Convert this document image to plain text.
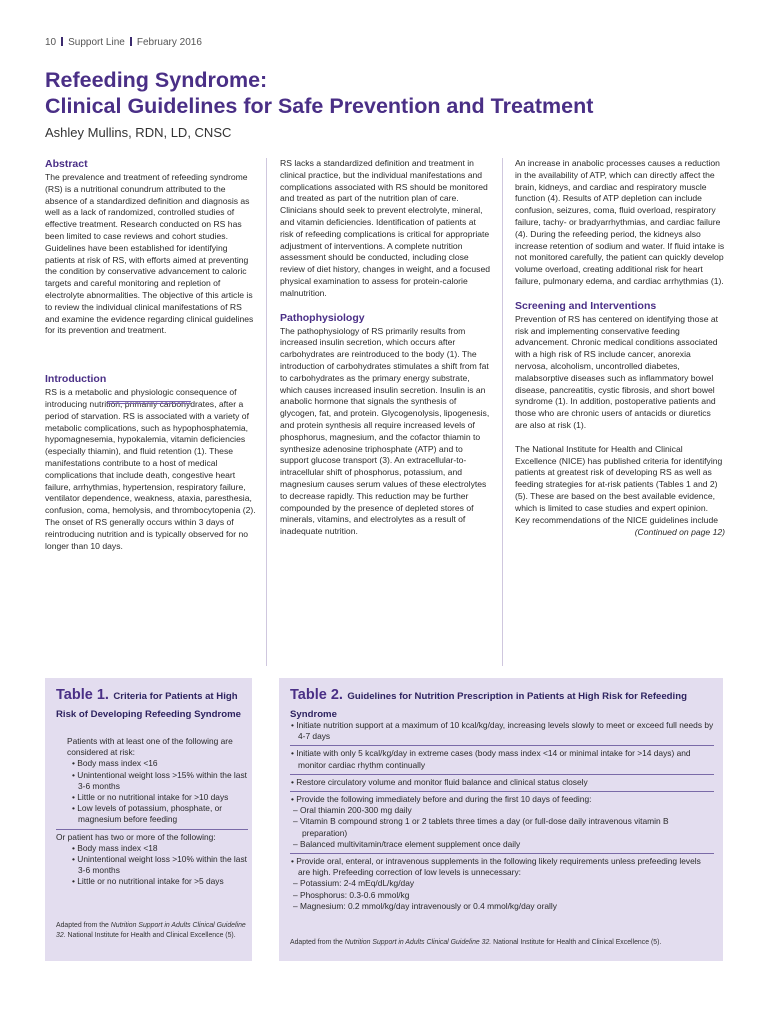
10 Support Line February 2016
Refeeding Syndrome:
Clinical Guidelines for Safe Prevention and Treatment
Ashley Mullins, RDN, LD, CNSC
Abstract

The prevalence and treatment of refeeding syndrome (RS) is a nutritional conundrum attributed to the absence of a standardized definition and diagnosis as well as a lack of randomized, controlled studies of effective treatment. Research conducted on RS has been limited to case reviews and cohort studies. Guidelines have been established for identifying patients at risk of RS, with efforts aimed at preventing the condition by conservative advancement to caloric targets and careful monitoring and repletion of electrolyte abnormalities. The objective of this article is to review the individual clinical manifestations of RS and examine the evidence regarding clinical guidelines for its prevention and treatment.

Introduction

RS is a metabolic and physiologic consequence of introducing nutrition, primarily carbohydrates, after a period of starvation. RS is associated with a variety of metabolic complications, such as hypophosphatemia, hypomagnesemia, hypokalemia, vitamin deficiencies (especially thiamin), and fluid retention (1). These manifestations contribute to a host of medical complications that include death, congestive heart failure, arrhythmias, hypertension, respiratory failure, ventilator dependence, weakness, ataxia, paresthesia, confusion, coma, hemolysis, and thrombocytopenia (2). The onset of RS generally occurs within 3 days of reintroducing nutrition and is typically observed for no longer than 10 days.

RS lacks a standardized definition and treatment in clinical practice, but the individual manifestations and complications associated with RS should be monitored and treated as part of the nutrition plan of care. Clinicians should seek to prevent electrolyte, mineral, and vitamin deficiencies. Identification of patients at risk of refeeding complications is critical for appropriate adjustment of interventions. A complete nutrition assessment should be conducted, including close review of diet history, changes in weight, and a focused physical examination to assess for protein-calorie malnutrition.

Pathophysiology

The pathophysiology of RS primarily results from increased insulin secretion, which occurs after carbohydrates are reintroduced to the body (1). The introduction of carbohydrates stimulates a shift from fat to carbohydrates as the primary energy substrate, which causes increased insulin secretion. Insulin is an anabolic hormone that signals the synthesis of glycogen, fat, and protein. Glycogenolysis, lipogenesis, and protein synthesis all require increased levels of phosphorus, magnesium, and the cofactor thiamin to synthesize adenosine triphosphate (ATP) and to support glucose transport (3). An extracellular-to-intracellular shift of phosphorus, potassium, and magnesium causes serum values of these electrolytes to decrease rapidly. This reduction may be further compounded by the presence of depleted stores of minerals, vitamins, and electrolytes as a result of inadequate nutrition.

An increase in anabolic processes causes a reduction in the availability of ATP, which can directly affect the brain, kidneys, and cardiac and respiratory muscle function (4). Results of ATP depletion can include confusion, seizures, coma, fluid overload, respiratory failure, tachy- or bradyarrhythmias, and cardiac failure (4). During the refeeding period, the kidneys also increase retention of sodium and water. If fluid intake is not monitored carefully, the patient can quickly develop volume overload, creating additional risk for heart failure, pulmonary edema, and cardiac arrhythmias (1).

Screening and Interventions

Prevention of RS has centered on identifying those at risk and implementing conservative feeding advancement. Chronic medical conditions associated with a high risk of RS include cancer, anorexia nervosa, alcoholism, uncontrolled diabetes, malabsorptive diseases such as inflammatory bowel disease, pancreatitis, cystic fibrosis, and short bowel syndrome (1). In addition, postoperative patients and those who are chronic users of antacids or diuretics are also at risk (1).

The National Institute for Health and Clinical Excellence (NICE) has published criteria for identifying patients at greatest risk of developing RS as well as feeding strategies for at-risk patients (Tables 1 and 2) (5). These are based on the best available evidence, which is limited to case studies and expert opinion. Key recommendations of the NICE guidelines include

(Continued on page 12)
Table 1. Criteria for Patients at High Risk of Developing Refeeding Syndrome
Patients with at least one of the following are considered at risk:
• Body mass index <16
• Unintentional weight loss >15% within the last 3-6 months
• Little or no nutritional intake for >10 days
• Low levels of potassium, phosphate, or magnesium before feeding
Or patient has two or more of the following:
• Body mass index <18
• Unintentional weight loss >10% within the last 3-6 months
• Little or no nutritional intake for >5 days
Adapted from the Nutrition Support in Adults Clinical Guideline 32. National Institute for Health and Clinical Excellence (5).
Table 2. Guidelines for Nutrition Prescription in Patients at High Risk for Refeeding Syndrome
• Initiate nutrition support at a maximum of 10 kcal/kg/day, increasing levels slowly to meet or exceed full needs by 4-7 days
• Initiate with only 5 kcal/kg/day in extreme cases (body mass index <14 or minimal intake for >14 days) and monitor cardiac rhythm continually
• Restore circulatory volume and monitor fluid balance and clinical status closely
• Provide the following immediately before and during the first 10 days of feeding:
– Oral thiamin 200-300 mg daily
– Vitamin B compound strong 1 or 2 tablets three times a day (or full-dose daily intravenous vitamin B preparation)
– Balanced multivitamin/trace element supplement once daily
• Provide oral, enteral, or intravenous supplements in the following likely requirements unless prefeeding levels are high. Prefeeding correction of low levels is unnecessary:
– Potassium: 2-4 mEq/dL/kg/day
– Phosphorus: 0.3-0.6 mmol/kg
– Magnesium: 0.2 mmol/kg/day intravenously or 0.4 mmol/kg/day orally
Adapted from the Nutrition Support in Adults Clinical Guideline 32. National Institute for Health and Clinical Excellence (5).
